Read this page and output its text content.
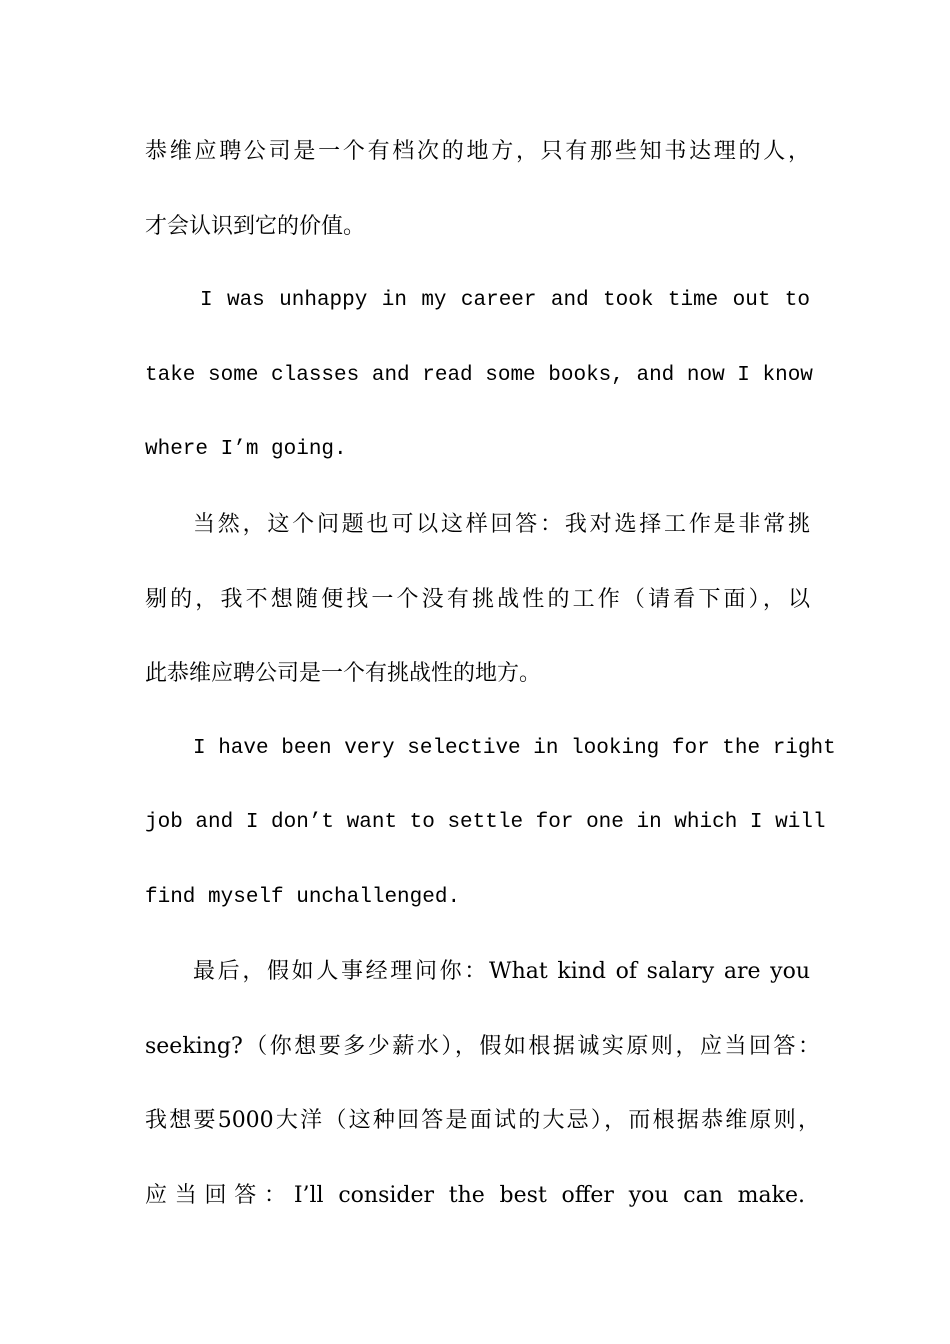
恭维应聘公司是一个有档次的地方，只有那些知书达理的人，
才会认识到它的价值。
I was unhappy in my career and took time out to
take some classes and read some books, and now I know
where I’m going.
当然，这个问题也可以这样回答：我对选择工作是非常挑
剔的，我不想随便找一个没有挑战性的工作（请看下面），以
此恭维应聘公司是一个有挑战性的地方。
I have been very selective in looking for the right
job and I don’t want to settle for one in which I will
find myself unchallenged.
最后，假如人事经理问你：What kind of salary are you
seeking?（你想要多少薪水），假如根据诚实原则，应当回答：
我想要5000大洋（这种回答是面试的大忌），而根据恭维原则，
应当回答：I’ll consider the best offer you can make.
